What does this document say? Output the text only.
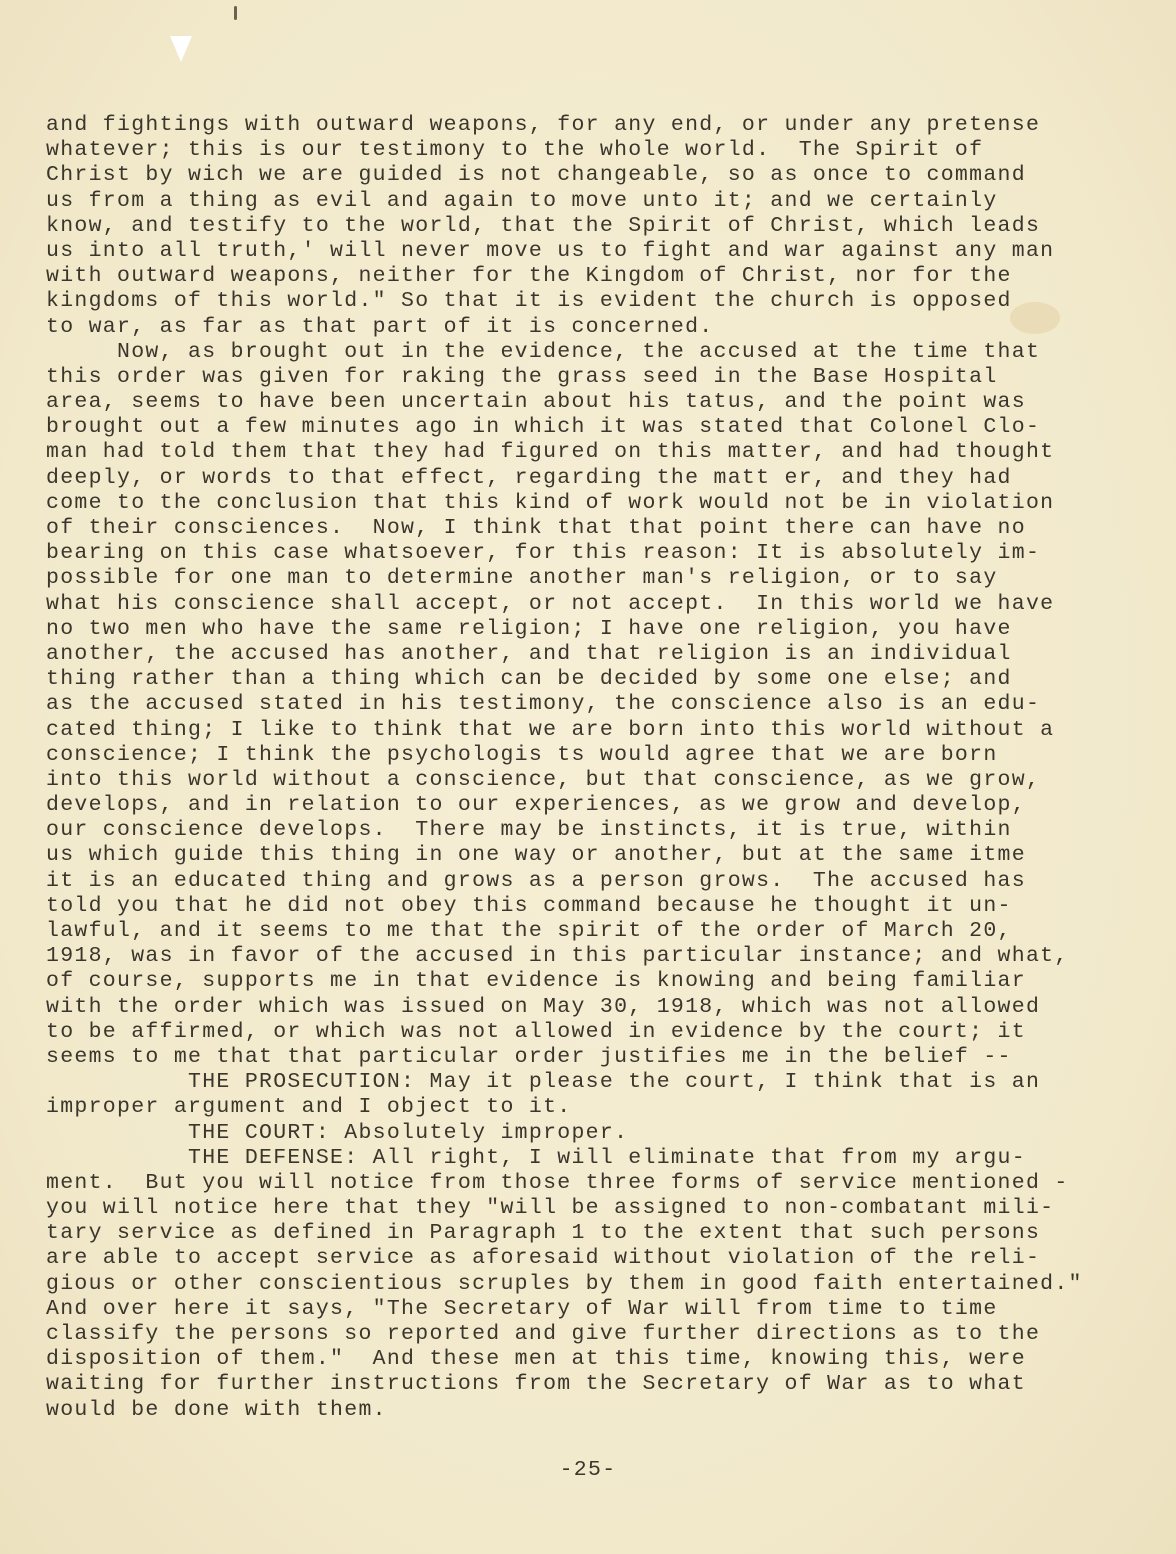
and fightings with outward weapons, for any end, or under any pretense
whatever; this is our testimony to the whole world.  The Spirit of
Christ by wich we are guided is not changeable, so as once to command
us from a thing as evil and again to move unto it; and we certainly
know, and testify to the world, that the Spirit of Christ, which leads
us into all truth,' will never move us to fight and war against any man
with outward weapons, neither for the Kingdom of Christ, nor for the
kingdoms of this world." So that it is evident the church is opposed
to war, as far as that part of it is concerned.
Now, as brought out in the evidence, the accused at the time that
this order was given for raking the grass seed in the Base Hospital
area, seems to have been uncertain about his tatus, and the point was
brought out a few minutes ago in which it was stated that Colonel Clo-
man had told them that they had figured on this matter, and had thought
deeply, or words to that effect, regarding the matt er, and they had
come to the conclusion that this kind of work would not be in violation
of their consciences.  Now, I think that that point there can have no
bearing on this case whatsoever, for this reason: It is absolutely im-
possible for one man to determine another man's religion, or to say
what his conscience shall accept, or not accept.  In this world we have
no two men who have the same religion; I have one religion, you have
another, the accused has another, and that religion is an individual
thing rather than a thing which can be decided by some one else; and
as the accused stated in his testimony, the conscience also is an edu-
cated thing; I like to think that we are born into this world without a
conscience; I think the psychologis ts would agree that we are born
into this world without a conscience, but that conscience, as we grow,
develops, and in relation to our experiences, as we grow and develop,
our conscience develops.  There may be instincts, it is true, within
us which guide this thing in one way or another, but at the same itme
it is an educated thing and grows as a person grows.  The accused has
told you that he did not obey this command because he thought it un-
lawful, and it seems to me that the spirit of the order of March 20,
1918, was in favor of the accused in this particular instance; and what,
of course, supports me in that evidence is knowing and being familiar
with the order which was issued on May 30, 1918, which was not allowed
to be affirmed, or which was not allowed in evidence by the court; it
seems to me that that particular order justifies me in the belief --
THE PROSECUTION: May it please the court, I think that is an
improper argument and I object to it.
THE COURT: Absolutely improper.
THE DEFENSE: All right, I will eliminate that from my argu-
ment.  But you will notice from those three forms of service mentioned -
you will notice here that they "will be assigned to non-combatant mili-
tary service as defined in Paragraph 1 to the extent that such persons
are able to accept service as aforesaid without violation of the reli-
gious or other conscientious scruples by them in good faith entertained."
And over here it says, "The Secretary of War will from time to time
classify the persons so reported and give further directions as to the
disposition of them."  And these men at this time, knowing this, were
waiting for further instructions from the Secretary of War as to what
would be done with them.
-25-
